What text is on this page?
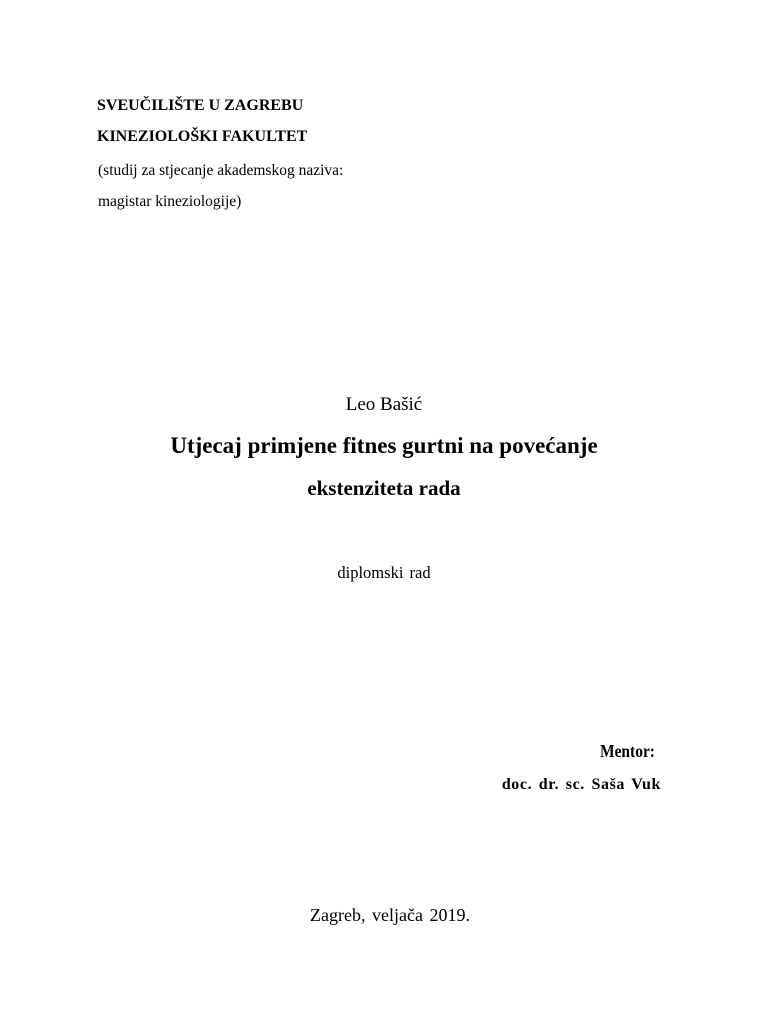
SVEUČILIŠTE U ZAGREBU
KINEZIOLOŠKI FAKULTET
(studij za stjecanje akademskog naziva:
magistar kineziologije)
Leo Bašić
Utjecaj primjene fitnes gurtni na povećanje
ekstenziteta rada
diplomski rad
Mentor:
doc. dr. sc. Saša Vuk
Zagreb, veljača 2019.
